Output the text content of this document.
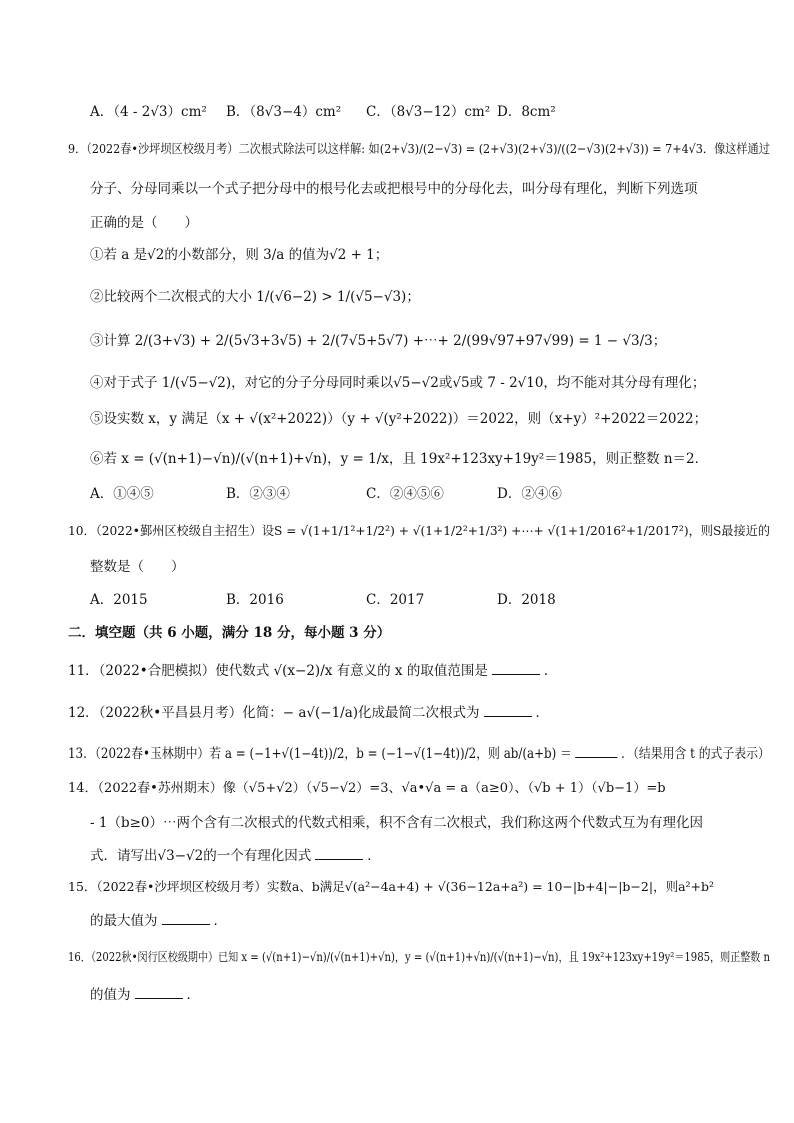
A．（4 - 2√3）cm² B．（8√3−4）cm² C．（8√3−12）cm² D．8cm²
9．（2022春•沙坪坝区校级月考）二次根式除法可以这样解: 如(2+√3)/(2−√3) = (2+√3)(2+√3)/((2−√3)(2+√3)) = 7+4√3．像这样通过
分子、分母同乘以一个式子把分母中的根号化去或把根号中的分母化去，叫分母有理化，判断下列选项
正确的是（　　）
①若 a 是√2的小数部分，则 3/a 的值为√2 + 1；
②比较两个二次根式的大小 1/(√6−2) > 1/(√5−√3)；
③计算 2/(3+√3) + 2/(5√3+3√5) + 2/(7√5+5√7) +⋯+ 2/(99√97+97√99) = 1 − √3/3；
④对于式子 1/(√5−√2)，对它的分子分母同时乘以√5−√2或√5或 7 - 2√10，均不能对其分母有理化；
⑤设实数 x，y 满足（x + √(x²+2022)）（y + √(y²+2022)）＝2022，则（x+y）²+2022＝2022；
⑥若 x = (√(n+1)−√n)/(√(n+1)+√n)，y = 1/x，且 19x²+123xy+19y²＝1985，则正整数 n＝2．
A．①④⑤	B．②③④	C．②④⑤⑥	D．②④⑥
10．（2022•鄞州区校级自主招生）设S = √(1+1/1²+1/2²) + √(1+1/2²+1/3²) +⋯+ √(1+1/2016²+1/2017²)，则S最接近的
整数是（　　）
A．2015	B．2016	C．2017	D．2018
二．填空题（共 6 小题，满分 18 分，每小题 3 分）
11．（2022•合肥模拟）使代数式 √(x−2)/x 有意义的 x 的取值范围是	．
12．（2022秋•平昌县月考）化简：− a√(−1/a)化成最简二次根式为	．
13．（2022春•玉林期中）若 a = (−1+√(1−4t))/2，b = (−1−√(1−4t))/2，则 ab/(a+b) ＝	．（结果用含 t 的式子表示）
14．（2022春•苏州期末）像（√5+√2）（√5−√2）=3、√a•√a = a（a≥0）、（√b + 1）（√b−1）=b
- 1（b≥0）⋯两个含有二次根式的代数式相乘，积不含有二次根式，我们称这两个代数式互为有理化因
式．请写出√3−√2的一个有理化因式	．
15．（2022春•沙坪坝区校级月考）实数a、b满足√(a²−4a+4) + √(36−12a+a²) = 10−|b+4|−|b−2|，则a²+b²
的最大值为	．
16．（2022秋•闵行区校级期中）已知 x = (√(n+1)−√n)/(√(n+1)+√n)，y = (√(n+1)+√n)/(√(n+1)−√n)，且 19x²+123xy+19y²＝1985，则正整数 n
的值为	．
